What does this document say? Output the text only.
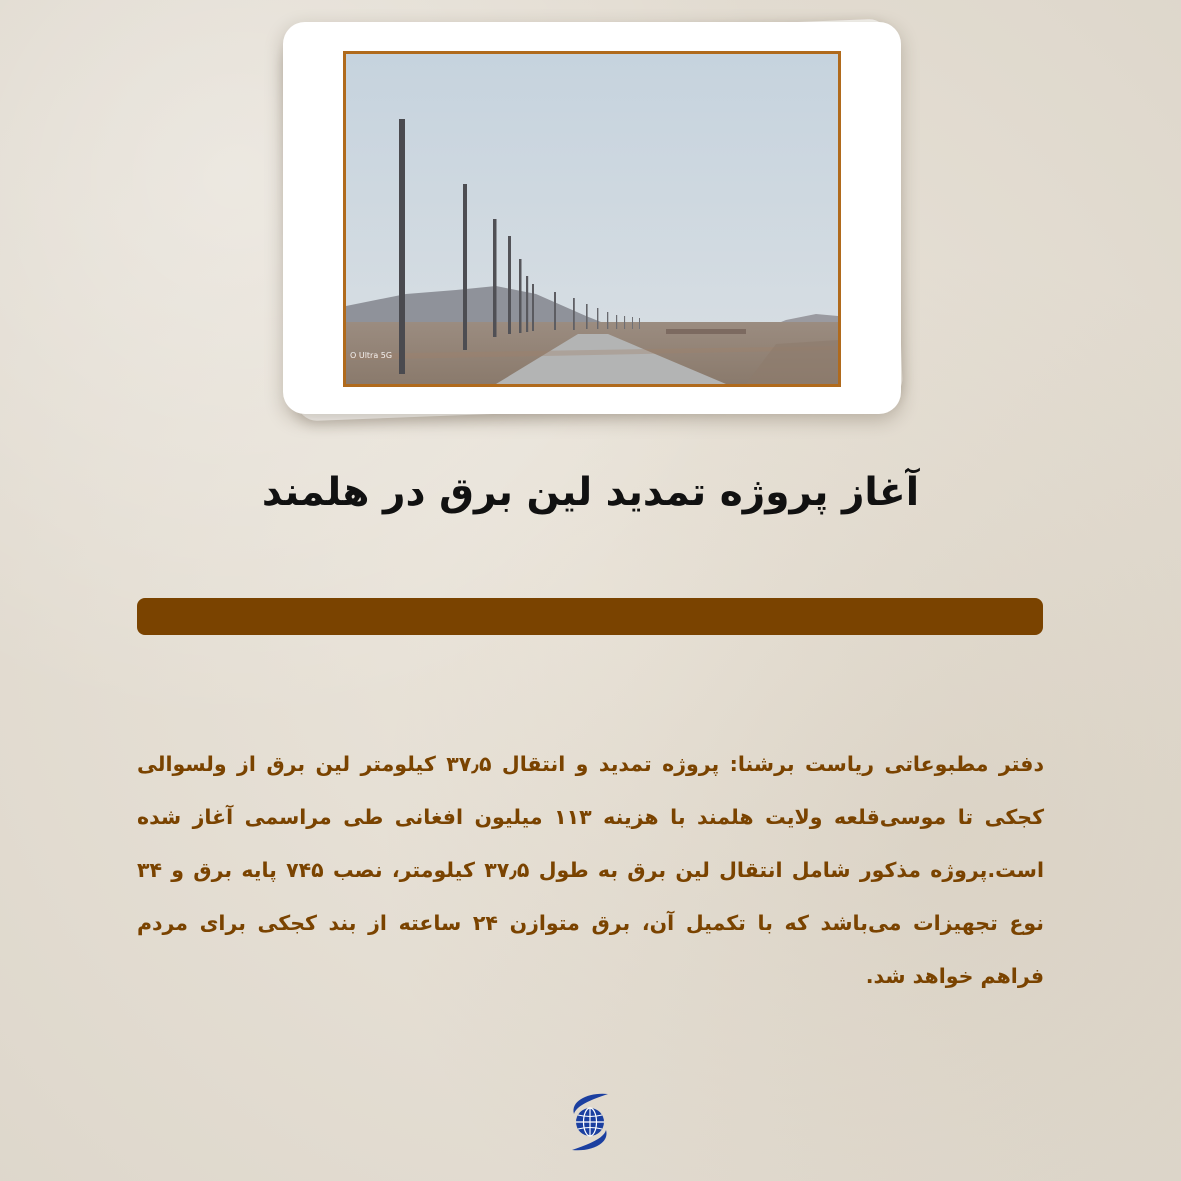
O Ultra 5G
آغاز پروژه تمدید لین برق در هلمند

دفتر مطبوعاتی ریاست برشنا: پروژه تمدید و انتقال ۳۷٫۵ کیلومتر لین برق از ولسوالی کجکی تا موسی‌قلعه ولایت هلمند با هزینه ۱۱۳ میلیون افغانی طی مراسمی آغاز شده است.پروژه مذکور شامل انتقال لین برق به طول ۳۷٫۵ کیلومتر، نصب ۷۴۵ پایه برق و ۳۴ نوع تجهیزات می‌باشد که با تکمیل آن، برق متوازن ۲۴ ساعته از بند کجکی برای مردم فراهم خواهد شد.
